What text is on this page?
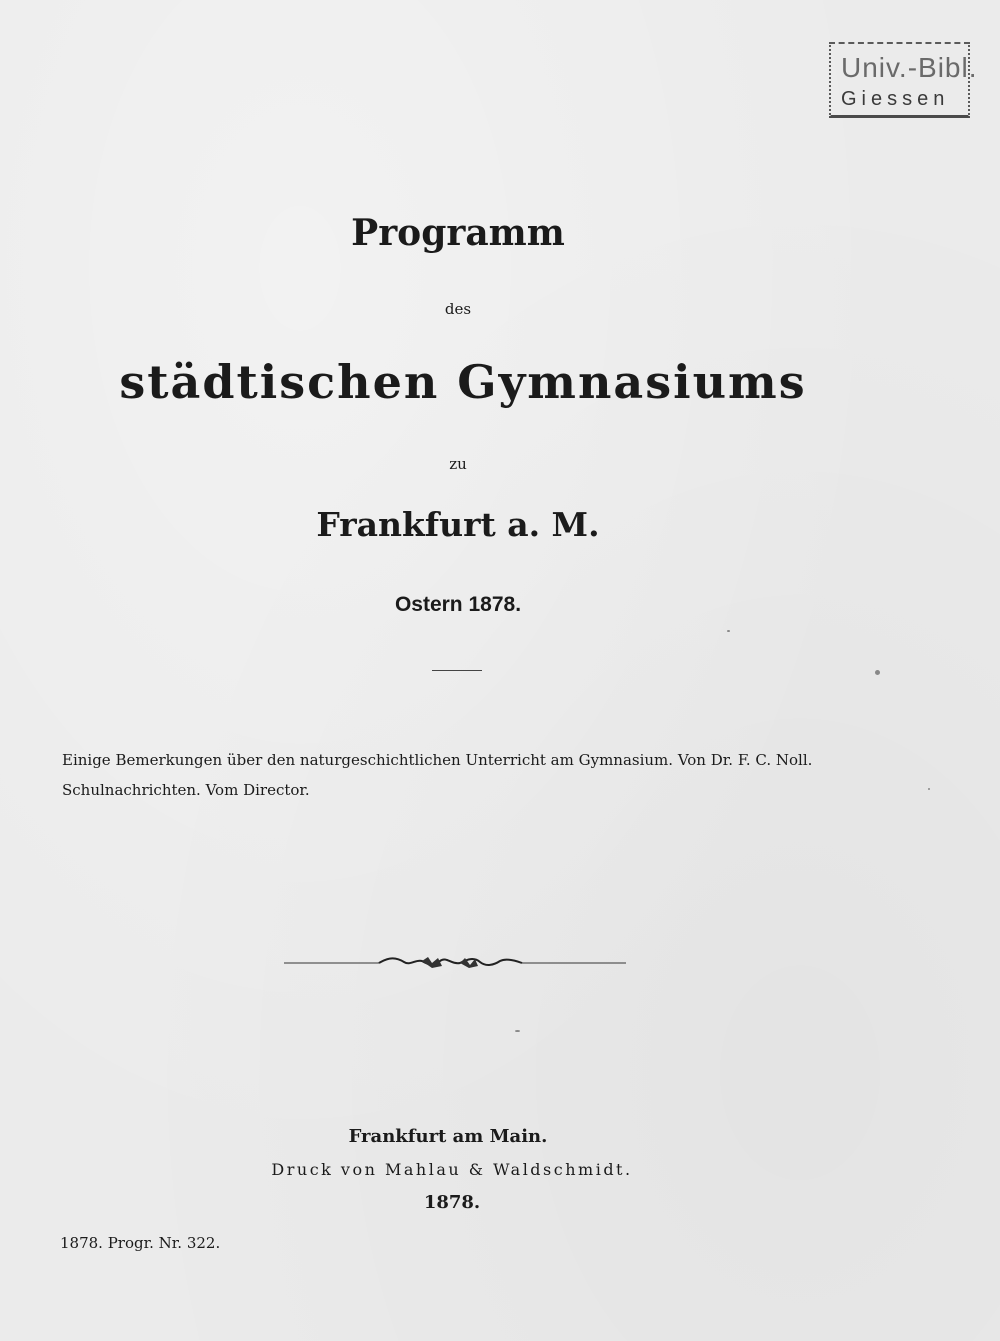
Univ.-Bibl.
Giessen
Programm
des
städtischen Gymnasiums
zu
Frankfurt a. M.
Ostern 1878.
Einige Bemerkungen über den naturgeschichtlichen Unterricht am Gymnasium. Von Dr. F. C. Noll.
Schulnachrichten. Vom Director.
Frankfurt am Main.
Druck von Mahlau & Waldschmidt.
1878.
1878. Progr. Nr. 322.
